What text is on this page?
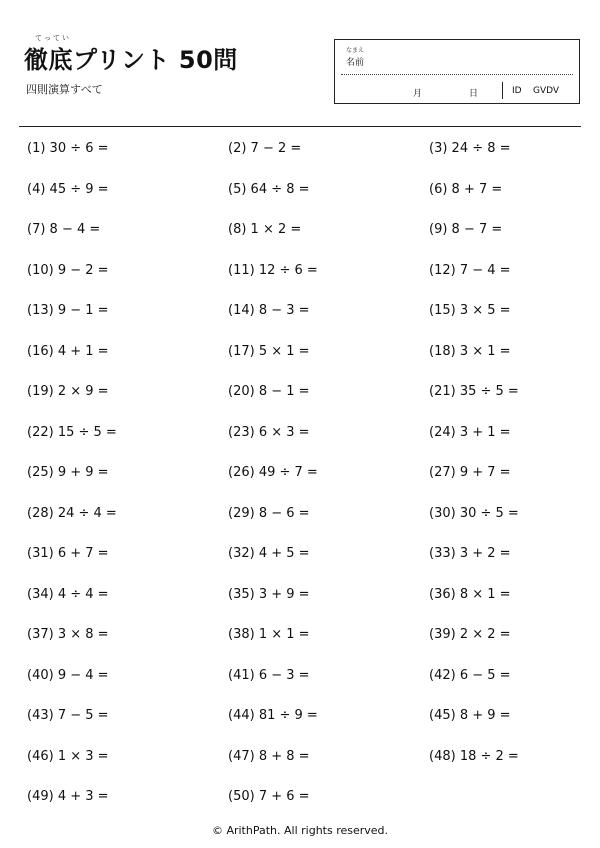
てってい
徹底プリント 50問
四則演算すべて
なまえ
名前
月	日	ID GVDV
(1) 30 ÷ 6 =	(2) 7 − 2 =	(3) 24 ÷ 8 =
(4) 45 ÷ 9 =	(5) 64 ÷ 8 =	(6) 8 + 7 =
(7) 8 − 4 =	(8) 1 × 2 =	(9) 8 − 7 =
(10) 9 − 2 =	(11) 12 ÷ 6 =	(12) 7 − 4 =
(13) 9 − 1 =	(14) 8 − 3 =	(15) 3 × 5 =
(16) 4 + 1 =	(17) 5 × 1 =	(18) 3 × 1 =
(19) 2 × 9 =	(20) 8 − 1 =	(21) 35 ÷ 5 =
(22) 15 ÷ 5 =	(23) 6 × 3 =	(24) 3 + 1 =
(25) 9 + 9 =	(26) 49 ÷ 7 =	(27) 9 + 7 =
(28) 24 ÷ 4 =	(29) 8 − 6 =	(30) 30 ÷ 5 =
(31) 6 + 7 =	(32) 4 + 5 =	(33) 3 + 2 =
(34) 4 ÷ 4 =	(35) 3 + 9 =	(36) 8 × 1 =
(37) 3 × 8 =	(38) 1 × 1 =	(39) 2 × 2 =
(40) 9 − 4 =	(41) 6 − 3 =	(42) 6 − 5 =
(43) 7 − 5 =	(44) 81 ÷ 9 =	(45) 8 + 9 =
(46) 1 × 3 =	(47) 8 + 8 =	(48) 18 ÷ 2 =
(49) 4 + 3 =	(50) 7 + 6 =
© ArithPath. All rights reserved.
